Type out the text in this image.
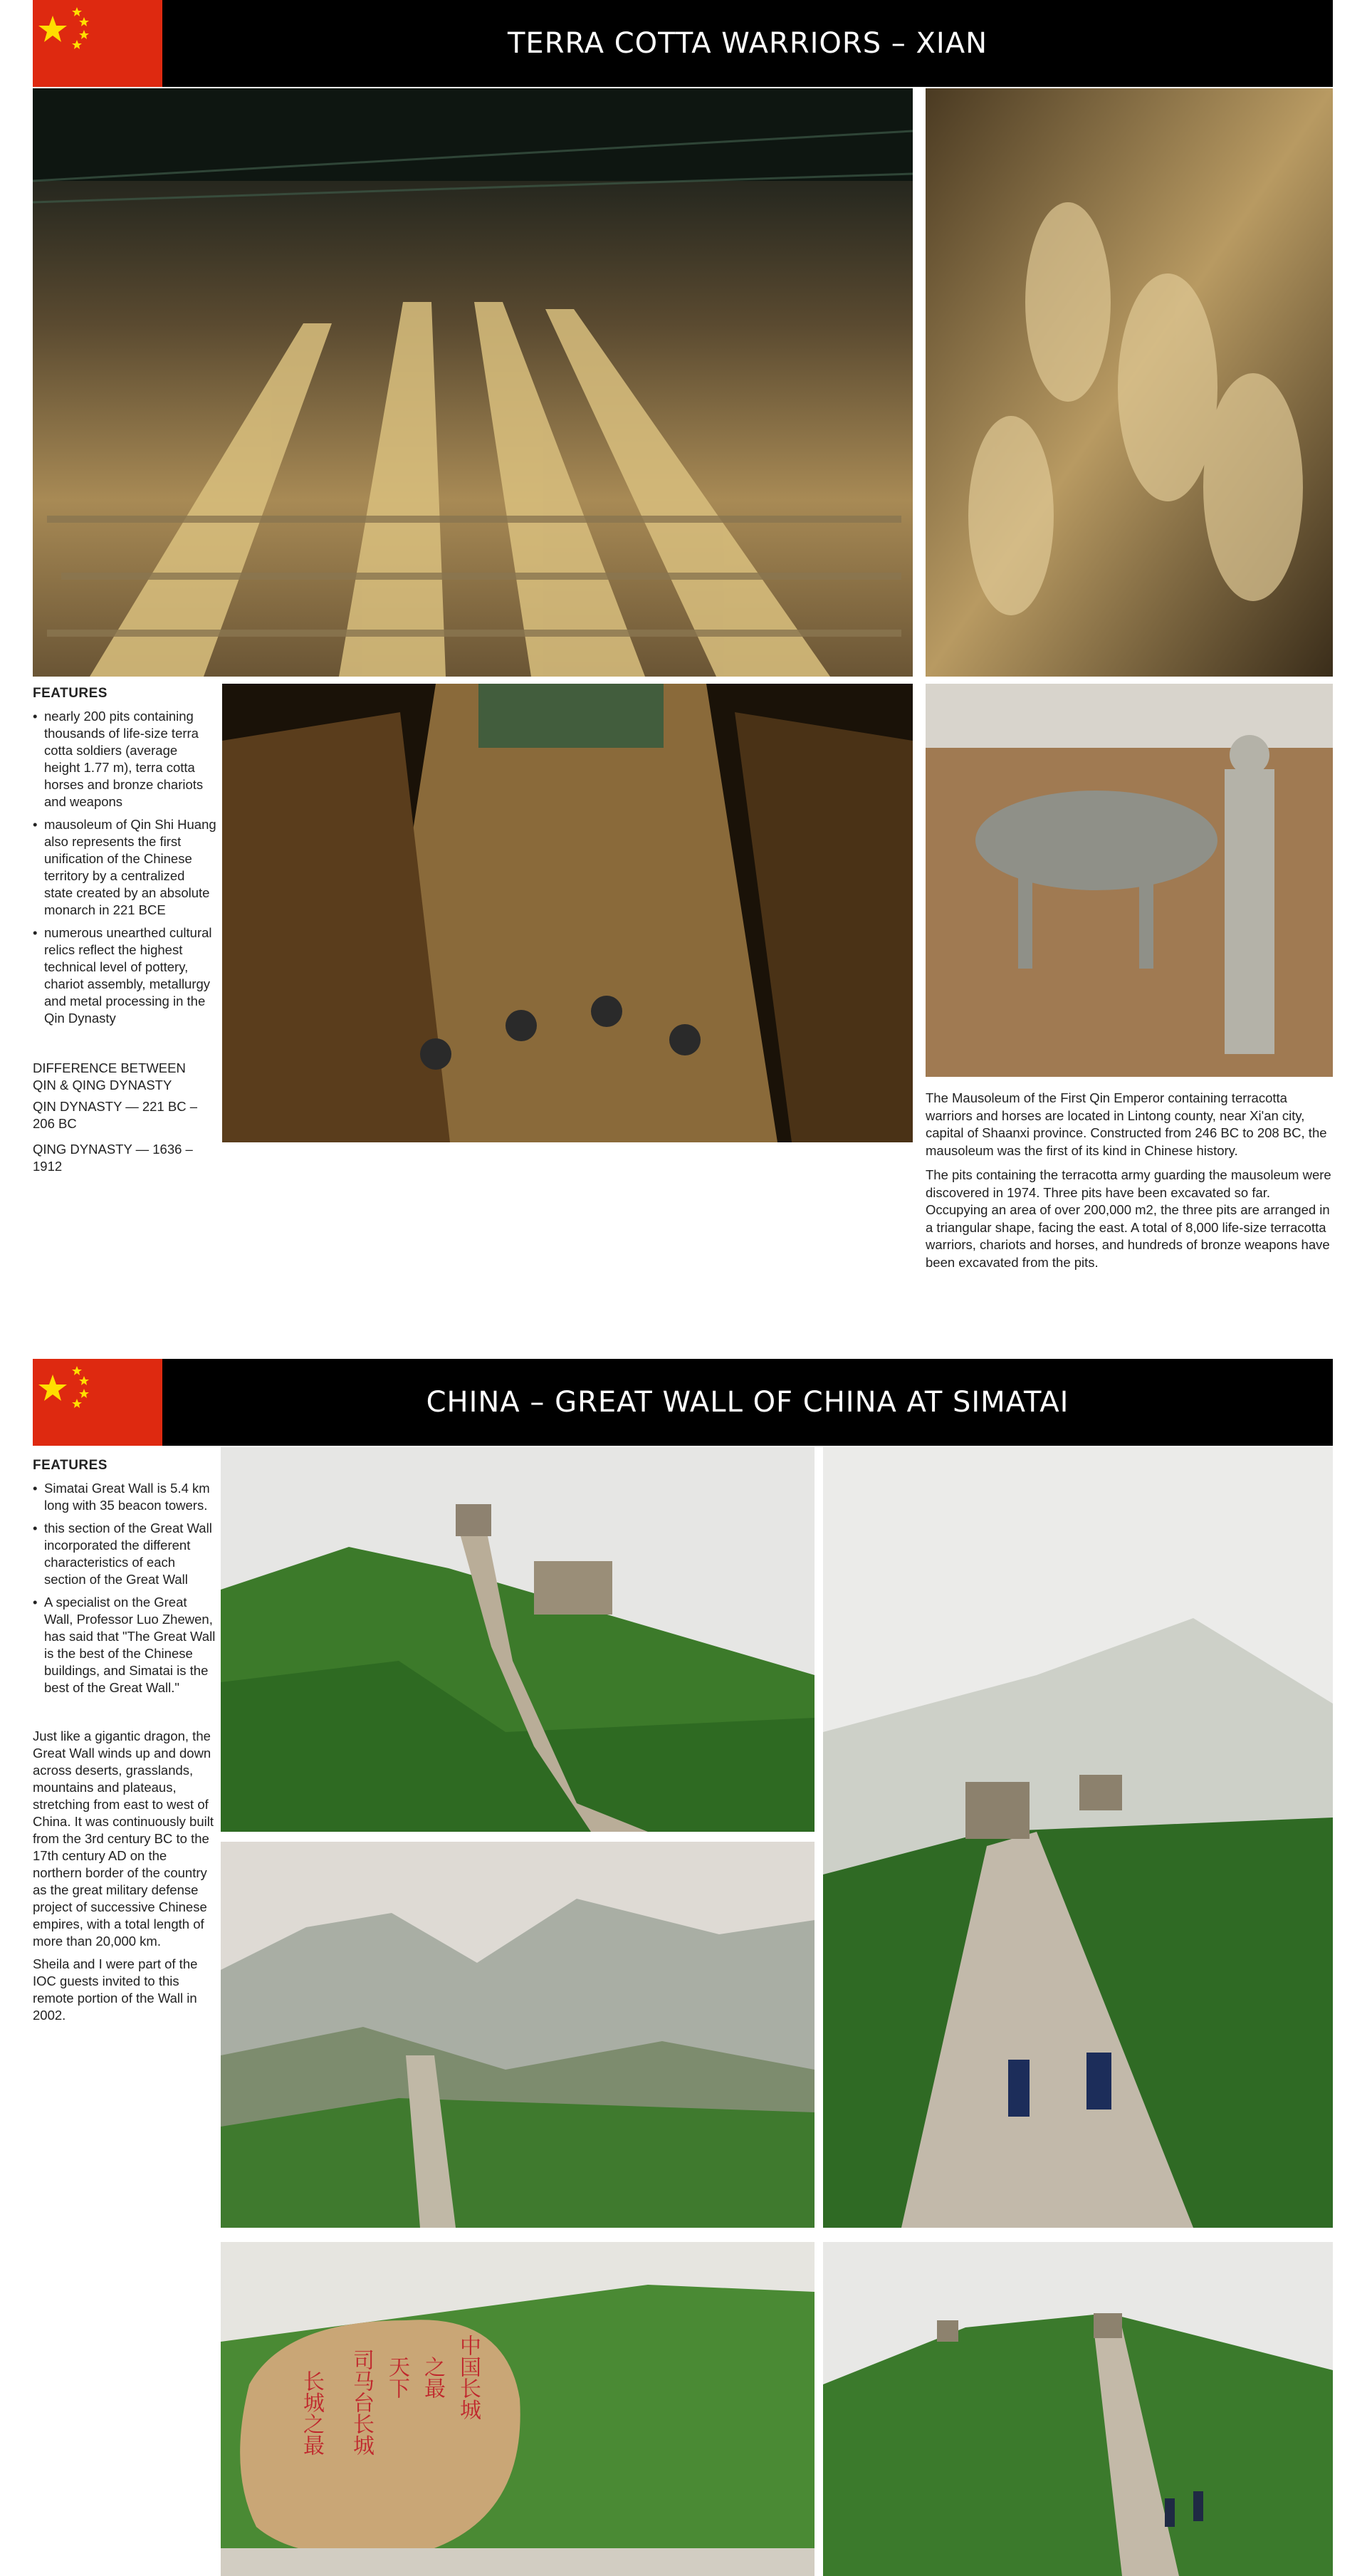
TERRA COTTA WARRIORS – XIAN
FEATURES
• nearly 200 pits containing thousands of life-size terra cotta soldiers (average height 1.77 m), terra cotta horses and bronze chariots and weapons
• mausoleum of Qin Shi Huang also represents the first unification of the Chinese territory by a centralized state created by an absolute monarch in 221 BCE
• numerous unearthed cultural relics reflect the highest technical level of pottery, chariot assembly, metallurgy and metal processing in the Qin Dynasty
DIFFERENCE BETWEEN
QIN & QING DYNASTY
QIN DYNASTY — 221 BC – 206 BC
QING DYNASTY — 1636 – 1912

The Mausoleum of the First Qin Emperor containing terracotta warriors and horses are located in Lintong county, near Xi'an city, capital of Shaanxi province. Constructed from 246 BC to 208 BC, the mausoleum was the first of its kind in Chinese history.

The pits containing the terracotta army guarding the mausoleum were discovered in 1974. Three pits have been excavated so far. Occupying an area of over 200,000 m2, the three pits are arranged in a triangular shape, facing the east. A total of 8,000 life-size terracotta warriors, chariots and horses, and hundreds of bronze weapons have been excavated from the pits.

CHINA – GREAT WALL OF CHINA AT SIMATAI
FEATURES
• Simatai Great Wall is 5.4 km long with 35 beacon towers.
• this section of the Great Wall incorporated the different characteristics of each section of the Great Wall
• A specialist on the Great Wall, Professor Luo Zhewen, has said that "The Great Wall is the best of the Chinese buildings, and Simatai is the best of the Great Wall."

Just like a gigantic dragon, the Great Wall winds up and down across deserts, grasslands, mountains and plateaus, stretching from east to west of China. It was continuously built from the 3rd century BC to the 17th century AD on the northern border of the country as the great military defense project of successive Chinese empires, with a total length of more than 20,000 km.

Sheila and I were part of the IOC guests invited to this remote portion of the Wall in 2002.

中国长城
之最
天下
司马台长城
长城之最
